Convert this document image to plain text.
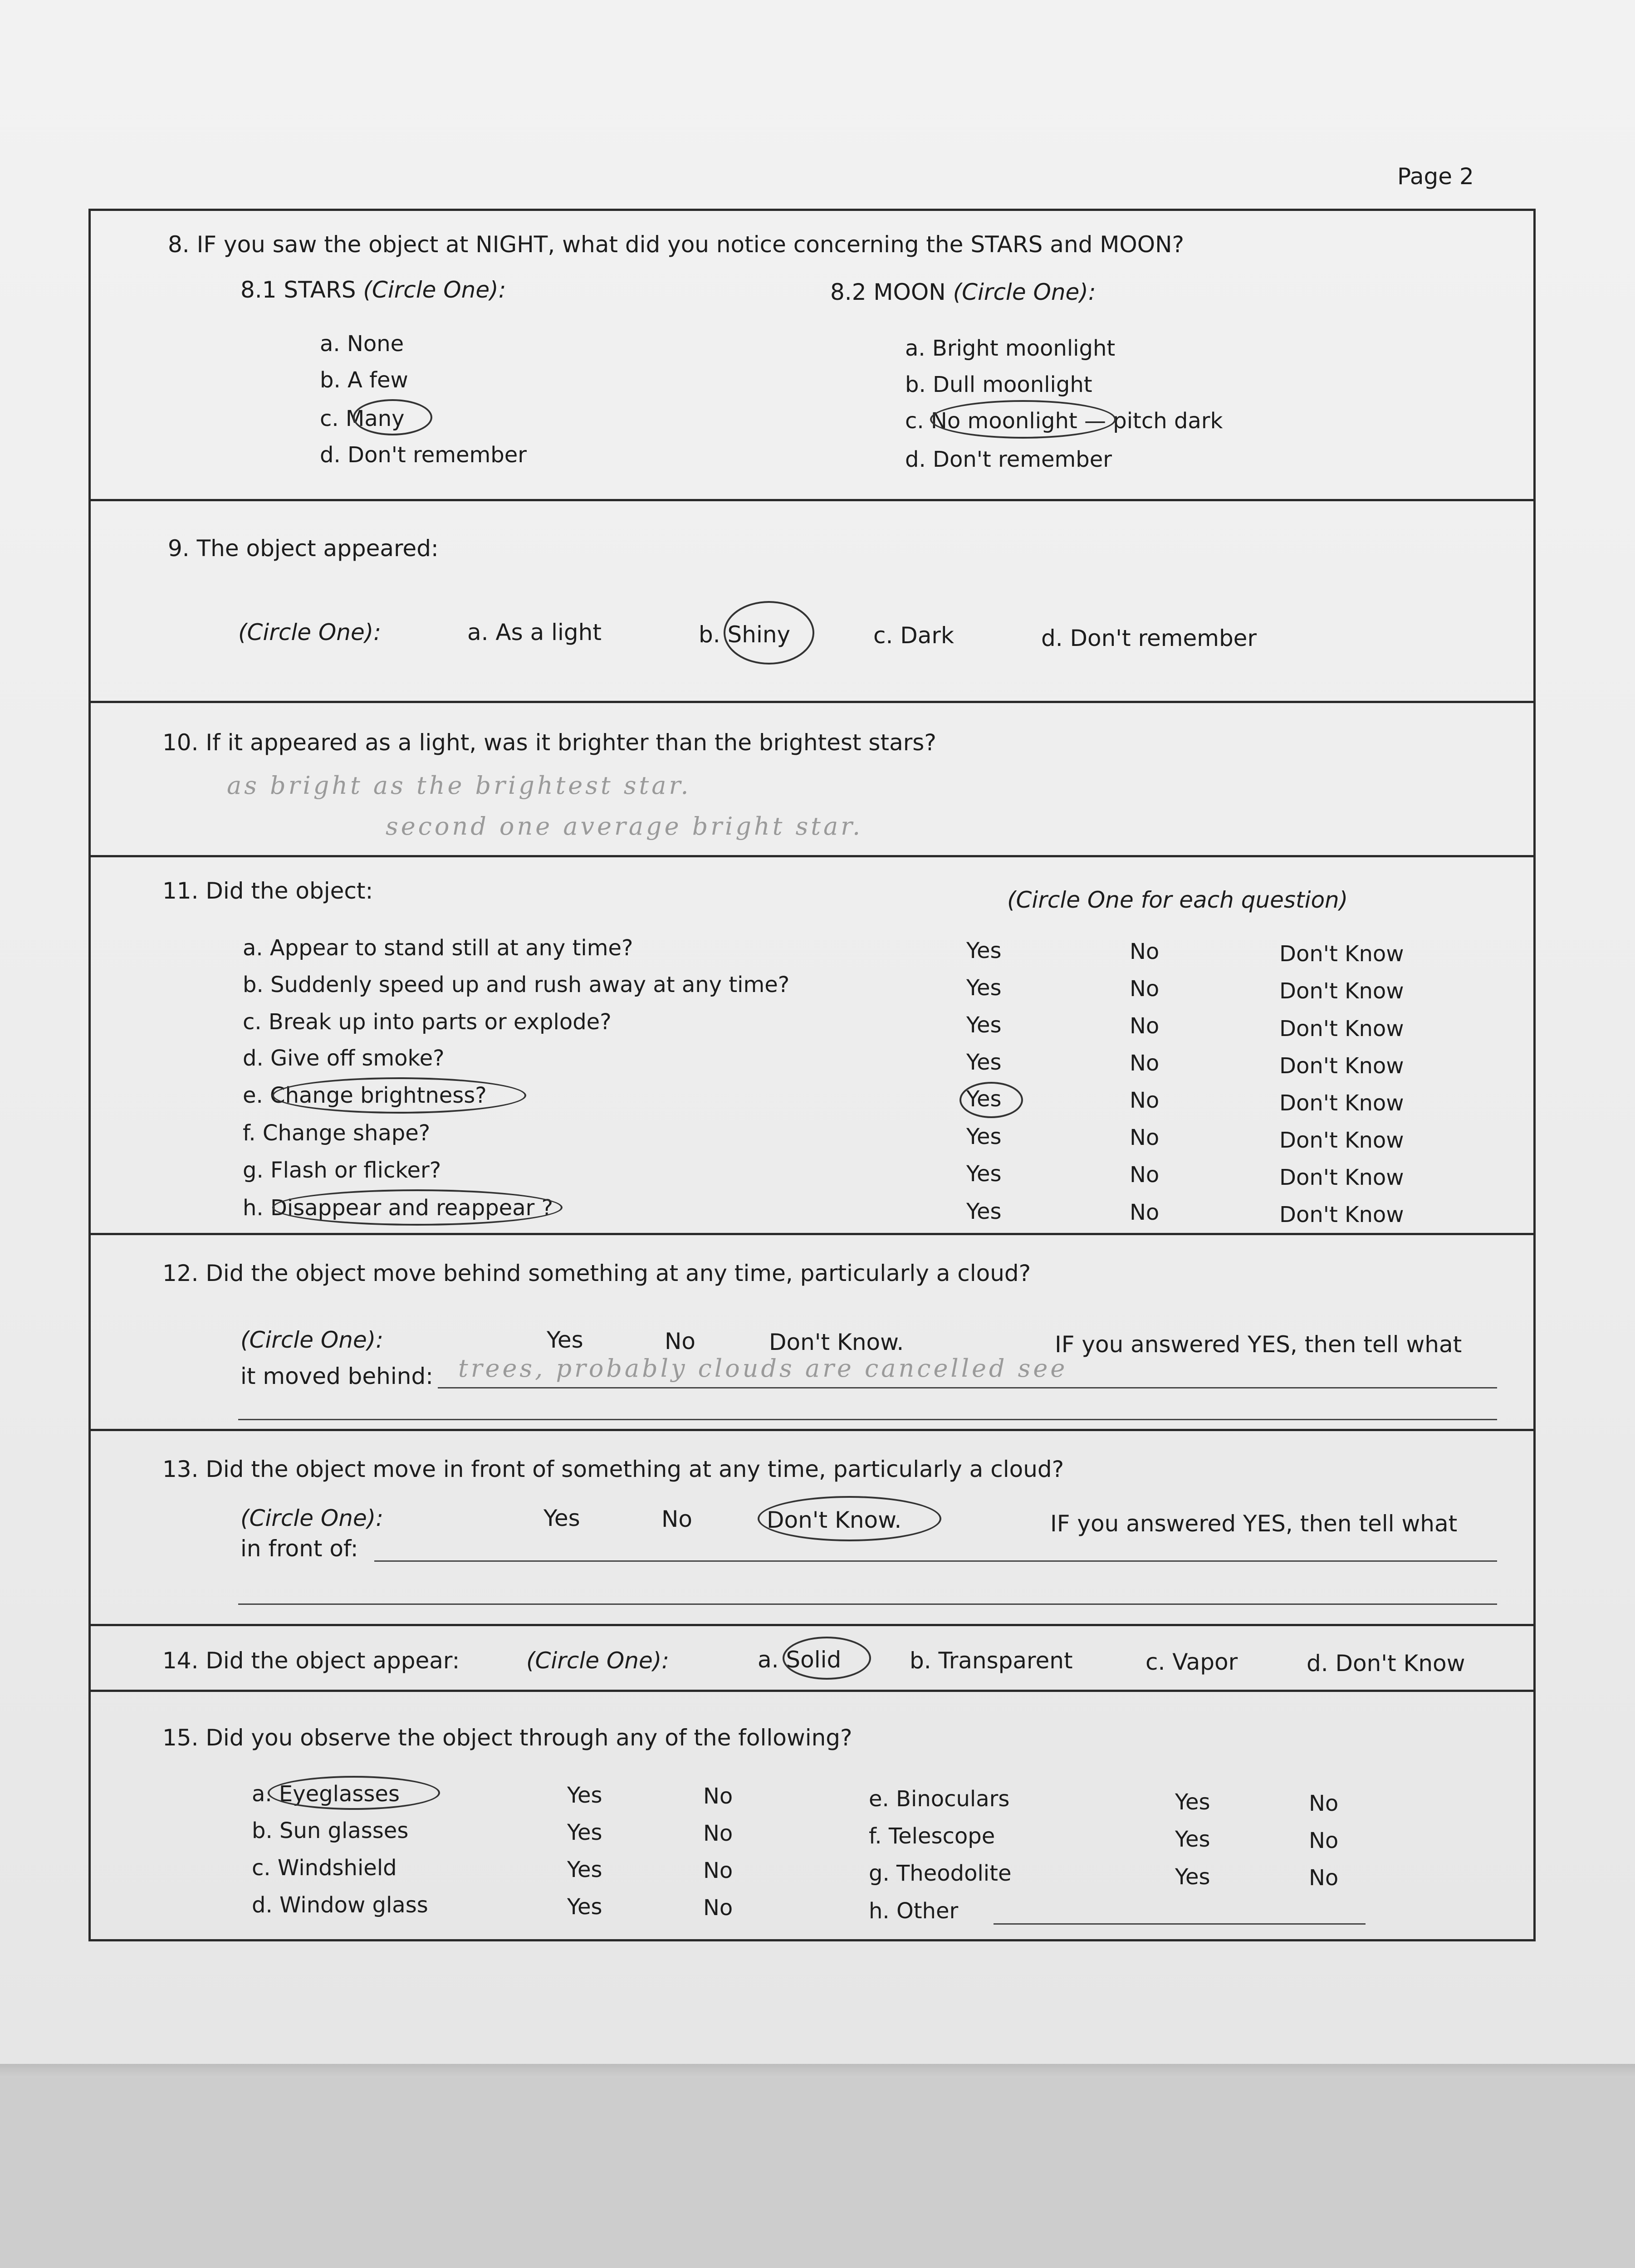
Page 2
8. IF you saw the object at NIGHT, what did you notice concerning the STARS and MOON?
8.1 STARS (Circle One):	8.2 MOON (Circle One):
a. None
b. A few
c. Many
d. Don't remember
a. Bright moonlight
b. Dull moonlight
c. No moonlight — pitch dark
d. Don't remember
9. The object appeared:
(Circle One):	a. As a light	b. Shiny	c. Dark	d. Don't remember
10. If it appeared as a light, was it brighter than the brightest stars?
as bright as the brightest star.
second one average bright star.
11. Did the object:	(Circle One for each question)
a. Appear to stand still at any time?	Yes	No	Don't Know
b. Suddenly speed up and rush away at any time?	Yes	No	Don't Know
c. Break up into parts or explode?	Yes	No	Don't Know
d. Give off smoke?	Yes	No	Don't Know
e. Change brightness?	Yes	No	Don't Know
f. Change shape?	Yes	No	Don't Know
g. Flash or flicker?	Yes	No	Don't Know
h. Disappear and reappear ?	Yes	No	Don't Know
12. Did the object move behind something at any time, particularly a cloud?
(Circle One):	Yes	No	Don't Know.	IF you answered YES, then tell what
it moved behind: trees, probably clouds are cancelled see
13. Did the object move in front of something at any time, particularly a cloud?
(Circle One):	Yes	No	Don't Know.	IF you answered YES, then tell what
in front of:
14. Did the object appear:	(Circle One):	a. Solid	b. Transparent	c. Vapor	d. Don't Know
15. Did you observe the object through any of the following?
a. Eyeglasses	Yes	No
b. Sun glasses	Yes	No
c. Windshield	Yes	No
d. Window glass	Yes	No
e. Binoculars	Yes	No
f. Telescope	Yes	No
g. Theodolite	Yes	No
h. Other
